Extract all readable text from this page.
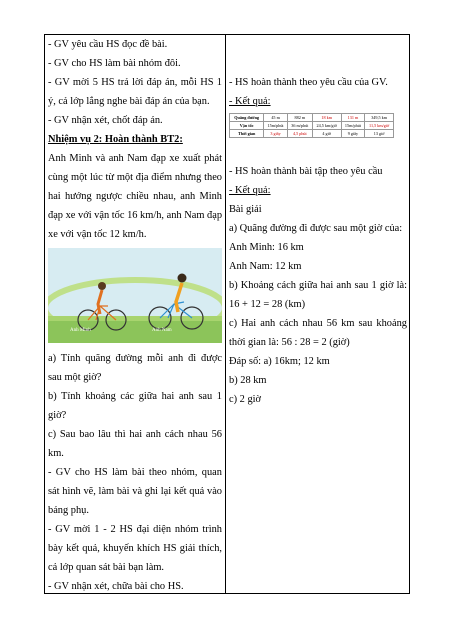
- GV yêu cầu HS đọc đề bài.

- GV cho HS làm bài nhóm đôi.

- GV mời 5 HS trả lời đáp án, mỗi HS 1 ý, cả lớp lắng nghe bài đáp án của bạn.

- GV nhận xét, chốt đáp án.

Nhiệm vụ 2: Hoàn thành BT2:

Anh Minh và anh Nam đạp xe xuất phát cùng một lúc từ một địa điểm nhưng theo hai hướng ngược chiều nhau, anh Minh đạp xe với vận tốc 16 km/h, anh Nam đạp xe với vận tốc 12 km/h.

Anh Minh	Anh Nam

a) Tính quãng đường mỗi anh đi được sau một giờ?

b) Tính khoảng các giữa hai anh sau 1 giờ?

c) Sau bao lâu thì hai anh cách nhau 56 km.

- GV cho HS làm bài theo nhóm, quan sát hình vẽ, làm bài và ghi lại kết quả vào bảng phụ.

- GV mời 1 - 2 HS đại diện nhóm trình bày kết quả, khuyến khích HS giải thích, cả lớp quan sát bài bạn làm.

- GV nhận xét, chữa bài cho HS.

- HS hoàn thành theo yêu cầu của GV.

- Kết quả:

Quãng đường	45 m	882 m	18 km	131 m	349,5 km
Vận tốc	15m/phút	36 m/phút	24,5 km/giờ	15m/phút	11,5 km/giờ
Thời gian	3 giây	4,5 phút	4 giờ	9 giây	13 giờ

- HS hoàn thành bài tập theo yêu cầu

- Kết quả:

Bài giải

a) Quãng đường đi được sau một giờ của:

Anh Minh: 16 km

Anh Nam: 12 km

b) Khoảng cách giữa hai anh sau 1 giờ là: 16 + 12 = 28 (km)

c) Hai anh cách nhau 56 km sau khoảng thời gian là: 56 : 28 = 2 (giờ)

Đáp số: a) 16km; 12 km

b) 28 km

c) 2 giờ
